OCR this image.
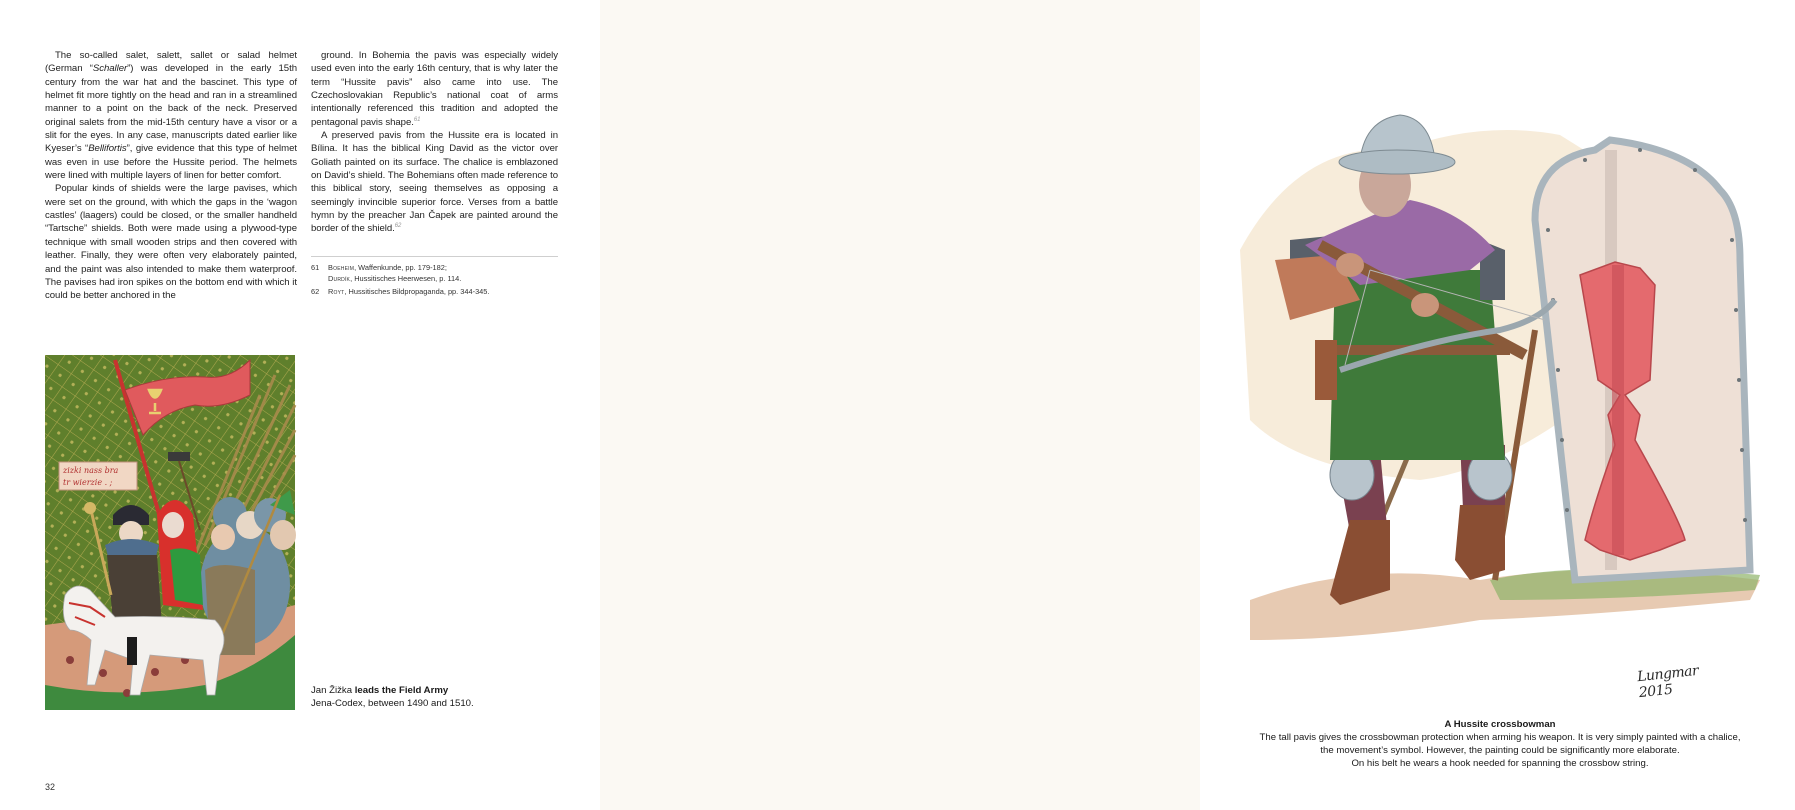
The so-called salet, salett, sallet or salad helmet (German “Schaller”) was developed in the early 15th century from the war hat and the bascinet. This type of helmet fit more tightly on the head and ran in a streamlined manner to a point on the back of the neck. Preserved original salets from the mid-15th century have a visor or a slit for the eyes. In any case, manuscripts dated earlier like Kyeser’s “Bellifortis”, give evidence that this type of helmet was even in use before the Hussite period. The helmets were lined with multiple layers of linen for better comfort.

Popular kinds of shields were the large pavises, which were set on the ground, with which the gaps in the ‘wagon castles’ (laagers) could be closed, or the smaller handheld “Tartsche” shields. Both were made using a plywood-type technique with small wooden strips and then covered with leather. Finally, they were often very elaborately painted, and the paint was also intended to make them waterproof. The pavises had iron spikes on the bottom end with which it could be better anchored in the

ground. In Bohemia the pavis was especially widely used even into the early 16th century, that is why later the term “Hussite pavis” also came into use. The Czechoslovakian Republic’s national coat of arms intentionally referenced this tradition and adopted the pentagonal pavis shape.$^{61}$

A preserved pavis from the Hussite era is located in Bílina. It has the biblical King David as the victor over Goliath painted on its surface. The chalice is emblazoned on David’s shield. The Bohemians often made reference to this biblical story, seeing themselves as opposing a seemingly invincible superior force. Verses from a battle hymn by the preacher Jan Čapek are painted around the border of the shield.$^{62}$

61	Boeheim, Waffenkunde, pp. 179-182;
Durdík, Hussitisches Heerwesen, p. 114.
62	Royt, Hussitisches Bildpropaganda, pp. 344-345.
zizki nass bra
tr wierzie . ;
Jan Žižka leads the Field Army
Jena-Codex, between 1490 and 1510.
32
Lungmar 2015
A Hussite crossbowman
The tall pavis gives the crossbowman protection when arming his weapon. It is very simply painted with a chalice,
the movement’s symbol. However, the painting could be significantly more elaborate.
On his belt he wears a hook needed for spanning the crossbow string.
